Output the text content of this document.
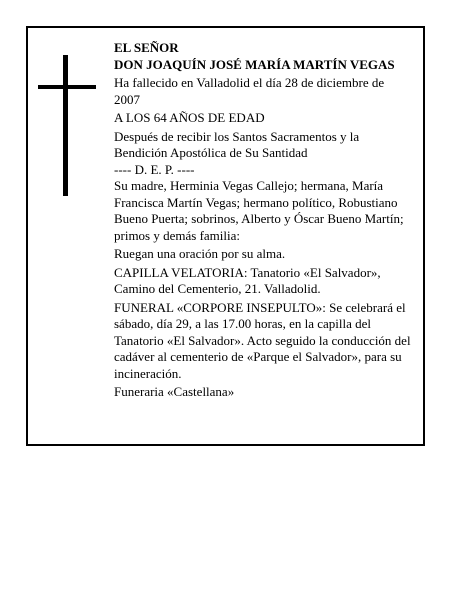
EL SEÑOR

DON JOAQUÍN JOSÉ MARÍA MARTÍN VEGAS

Ha fallecido en Valladolid el día 28 de diciembre de

2007

A LOS 64 AÑOS DE EDAD

Después de recibir los Santos Sacramentos y la

Bendición Apostólica de Su Santidad

---- D. E. P. ----

Su madre, Herminia Vegas Callejo; hermana, María

Francisca Martín Vegas; hermano político, Robustiano

Bueno Puerta; sobrinos, Alberto y Óscar Bueno Martín;

primos y demás familia:

Ruegan una oración por su alma.

CAPILLA VELATORIA: Tanatorio «El Salvador»,

Camino del Cementerio, 21. Valladolid.

FUNERAL «CORPORE INSEPULTO»: Se celebrará el

sábado, día 29, a las 17.00 horas, en la capilla del

Tanatorio «El Salvador». Acto seguido la conducción del

cadáver al cementerio de «Parque el Salvador», para su

incineración.

Funeraria «Castellana»
